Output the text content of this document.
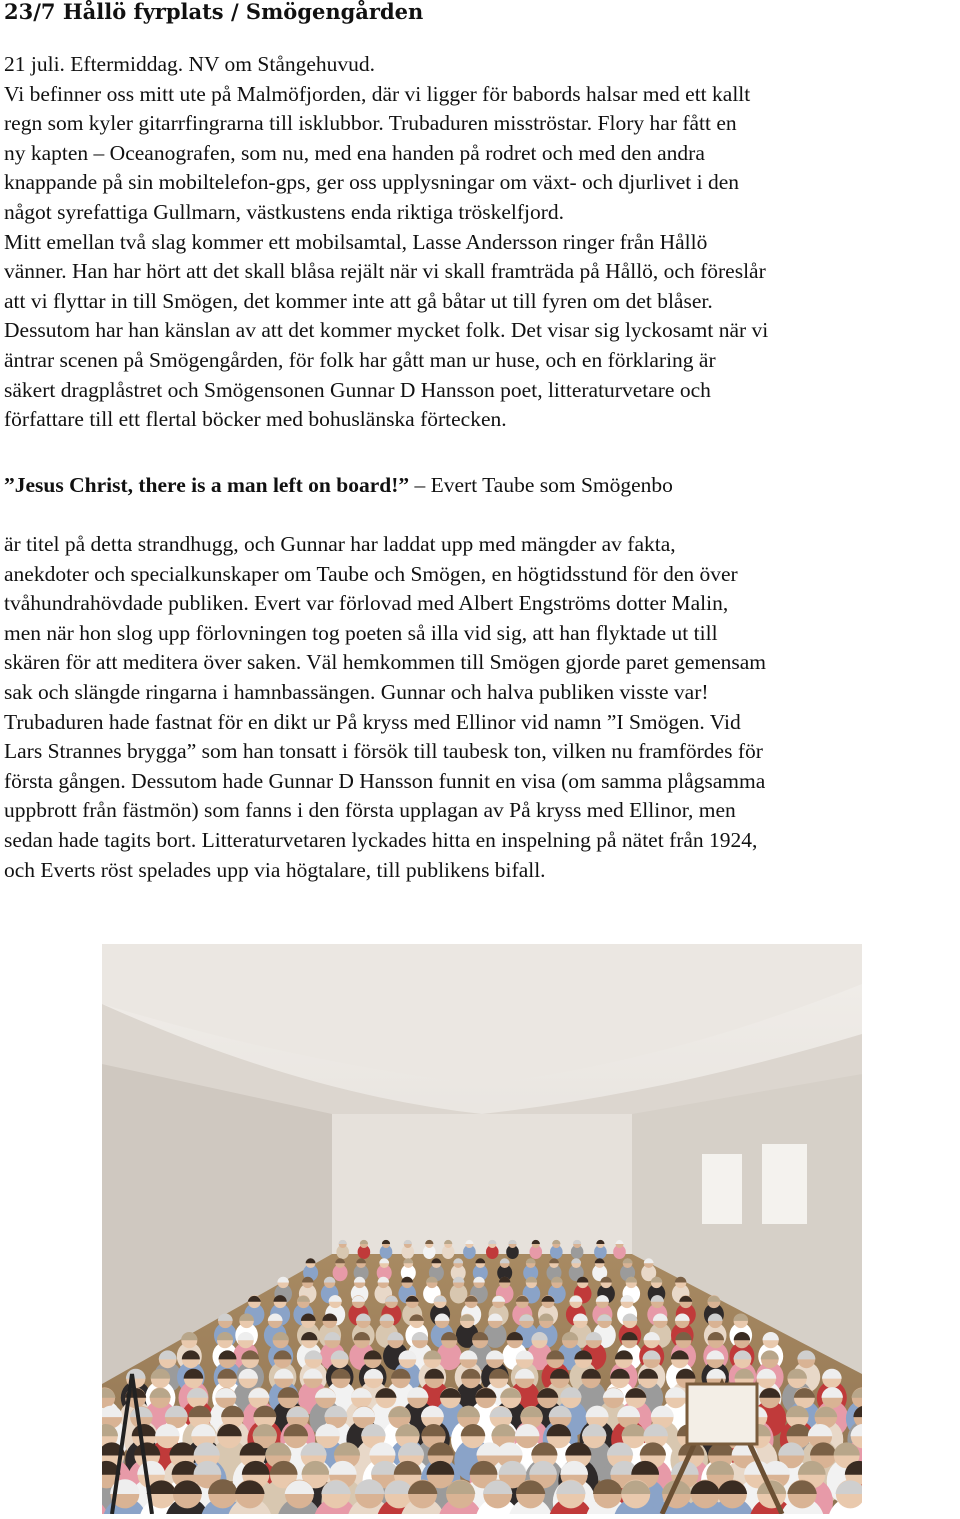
23/7 Hållö fyrplats / Smögengården
21 juli. Eftermiddag. NV om Stångehuvud.
Vi befinner oss mitt ute på Malmöfjorden, där vi ligger för babords halsar med ett kallt
regn som kyler gitarrfingrarna till isklubbor. Trubaduren misströstar. Flory har fått en
ny kapten – Oceanografen, som nu, med ena handen på rodret och med den andra
knappande på sin mobiltelefon-gps, ger oss upplysningar om växt- och djurlivet i den
något syrefattiga Gullmarn, västkustens enda riktiga tröskelfjord.
Mitt emellan två slag kommer ett mobilsamtal, Lasse Andersson ringer från Hållö
vänner. Han har hört att det skall blåsa rejält när vi skall framträda på Hållö, och föreslår
att vi flyttar in till Smögen, det kommer inte att gå båtar ut till fyren om det blåser.
Dessutom har han känslan av att det kommer mycket folk. Det visar sig lyckosamt när vi
äntrar scenen på Smögengården, för folk har gått man ur huse, och en förklaring är
säkert dragplåstret och Smögensonen Gunnar D Hansson poet, litteraturvetare och
författare till ett flertal böcker med bohuslänska förtecken.
”Jesus Christ, there is a man left on board!” – Evert Taube som Smögenbo
är titel på detta strandhugg, och Gunnar har laddat upp med mängder av fakta,
anekdoter och specialkunskaper om Taube och Smögen, en högtidsstund för den över
tvåhundrahövdade publiken. Evert var förlovad med Albert Engströms dotter Malin,
men när hon slog upp förlovningen tog poeten så illa vid sig, att han flyktade ut till
skären för att meditera över saken. Väl hemkommen till Smögen gjorde paret gemensam
sak och slängde ringarna i hamnbassängen. Gunnar och halva publiken visste var!
Trubaduren hade fastnat för en dikt ur På kryss med Ellinor vid namn ”I Smögen. Vid
Lars Strannes brygga” som han tonsatt i försök till taubesk ton, vilken nu framfördes för
första gången. Dessutom hade Gunnar D Hansson funnit en visa (om samma plågsamma
uppbrott från fästmön) som fanns i den första upplagan av På kryss med Ellinor, men
sedan hade tagits bort. Litteraturvetaren lyckades hitta en inspelning på nätet från 1924,
och Everts röst spelades upp via högtalare, till publikens bifall.
